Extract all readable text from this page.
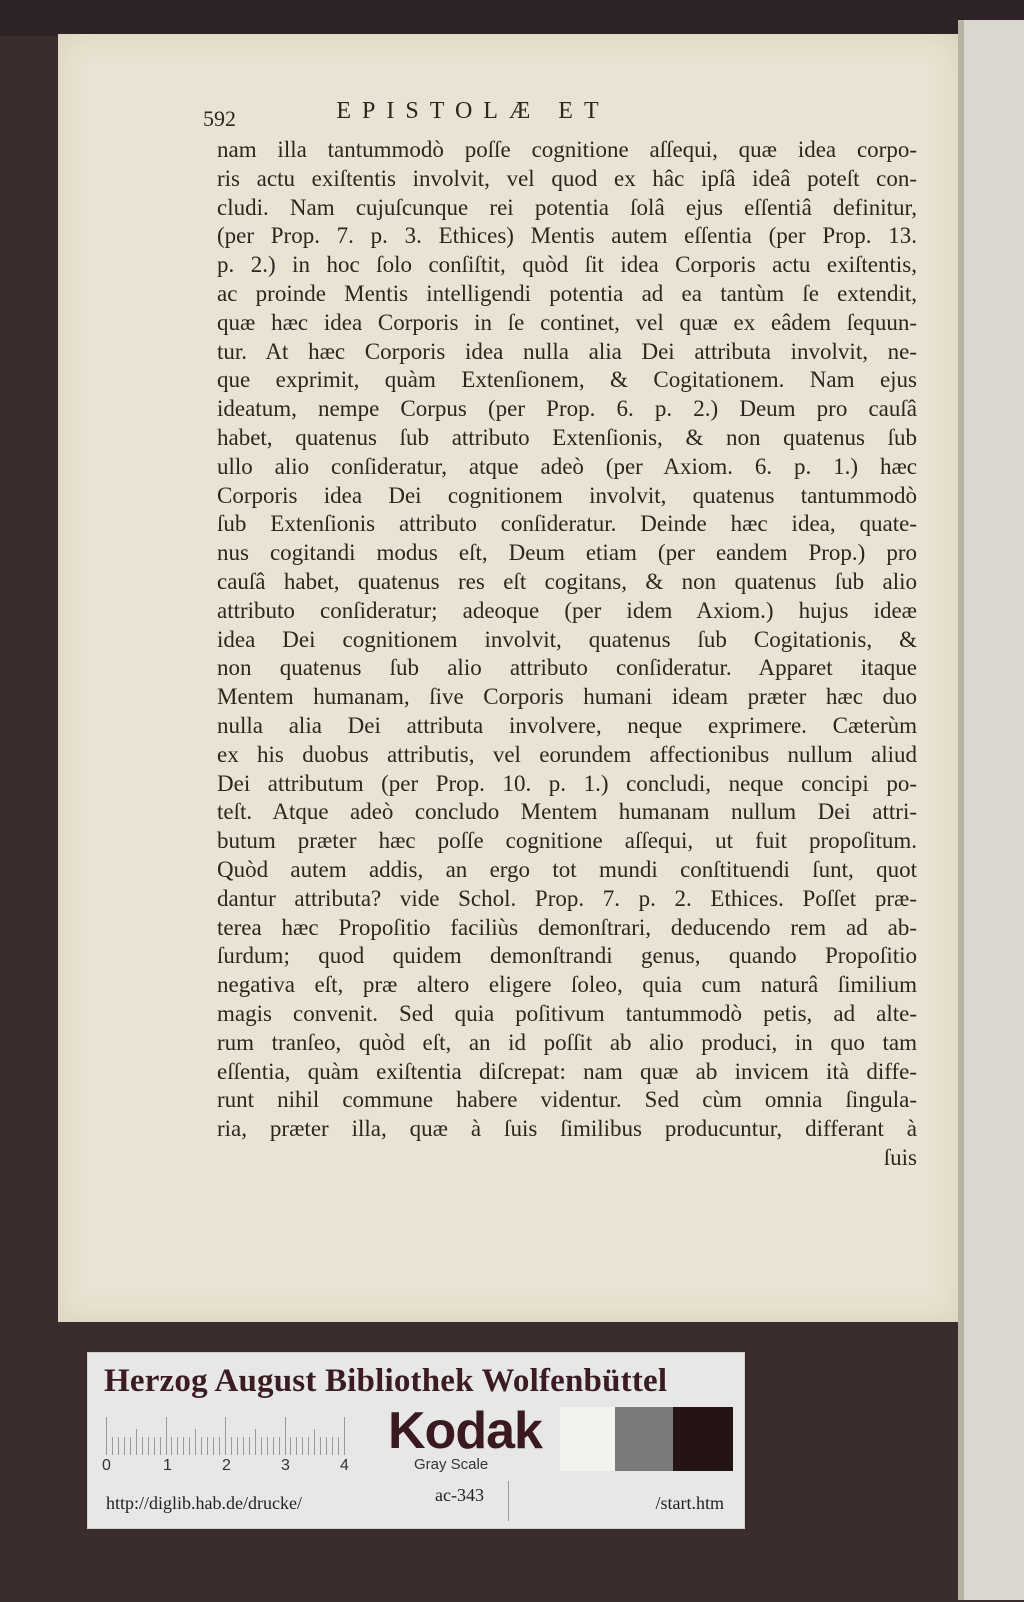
592	EPISTOLÆ ET
nam illa tantummodò poſſe cognitione aſſequi, quæ idea corpo-
ris actu exiſtentis involvit, vel quod ex hâc ipſâ ideâ poteſt con-
cludi. Nam cujuſcunque rei potentia ſolâ ejus eſſentiâ definitur,
(per Prop. 7. p. 3. Ethices) Mentis autem eſſentia (per Prop. 13.
p. 2.) in hoc ſolo conſiſtit, quòd ſit idea Corporis actu exiſtentis,
ac proinde Mentis intelligendi potentia ad ea tantùm ſe extendit,
quæ hæc idea Corporis in ſe continet, vel quæ ex eâdem ſequun-
tur. At hæc Corporis idea nulla alia Dei attributa involvit, ne-
que exprimit, quàm Extenſionem, & Cogitationem. Nam ejus
ideatum, nempe Corpus (per Prop. 6. p. 2.) Deum pro cauſâ
habet, quatenus ſub attributo Extenſionis, & non quatenus ſub
ullo alio conſideratur, atque adeò (per Axiom. 6. p. 1.) hæc
Corporis idea Dei cognitionem involvit, quatenus tantummodò
ſub Extenſionis attributo conſideratur. Deinde hæc idea, quate-
nus cogitandi modus eſt, Deum etiam (per eandem Prop.) pro
cauſâ habet, quatenus res eſt cogitans, & non quatenus ſub alio
attributo conſideratur; adeoque (per idem Axiom.) hujus ideæ
idea Dei cognitionem involvit, quatenus ſub Cogitationis, &
non quatenus ſub alio attributo conſideratur. Apparet itaque
Mentem humanam, ſive Corporis humani ideam præter hæc duo
nulla alia Dei attributa involvere, neque exprimere. Cæterùm
ex his duobus attributis, vel eorundem affectionibus nullum aliud
Dei attributum (per Prop. 10. p. 1.) concludi, neque concipi po-
teſt. Atque adeò concludo Mentem humanam nullum Dei attri-
butum præter hæc poſſe cognitione aſſequi, ut fuit propoſitum.
Quòd autem addis, an ergo tot mundi conſtituendi ſunt, quot
dantur attributa? vide Schol. Prop. 7. p. 2. Ethices. Poſſet præ-
terea hæc Propoſitio faciliùs demonſtrari, deducendo rem ad ab-
ſurdum; quod quidem demonſtrandi genus, quando Propoſitio
negativa eſt, præ altero eligere ſoleo, quia cum naturâ ſimilium
magis convenit. Sed quia poſitivum tantummodò petis, ad alte-
rum tranſeo, quòd eſt, an id poſſit ab alio produci, in quo tam
eſſentia, quàm exiſtentia diſcrepat: nam quæ ab invicem ità diffe-
runt nihil commune habere videntur. Sed cùm omnia ſingula-
ria, præter illa, quæ à ſuis ſimilibus producuntur, differant à
ſuis
Herzog August Bibliothek Wolfenbüttel
0	1	2	3	4
Kodak
Gray Scale
http://diglib.hab.de/drucke/	ac-343	/start.htm
